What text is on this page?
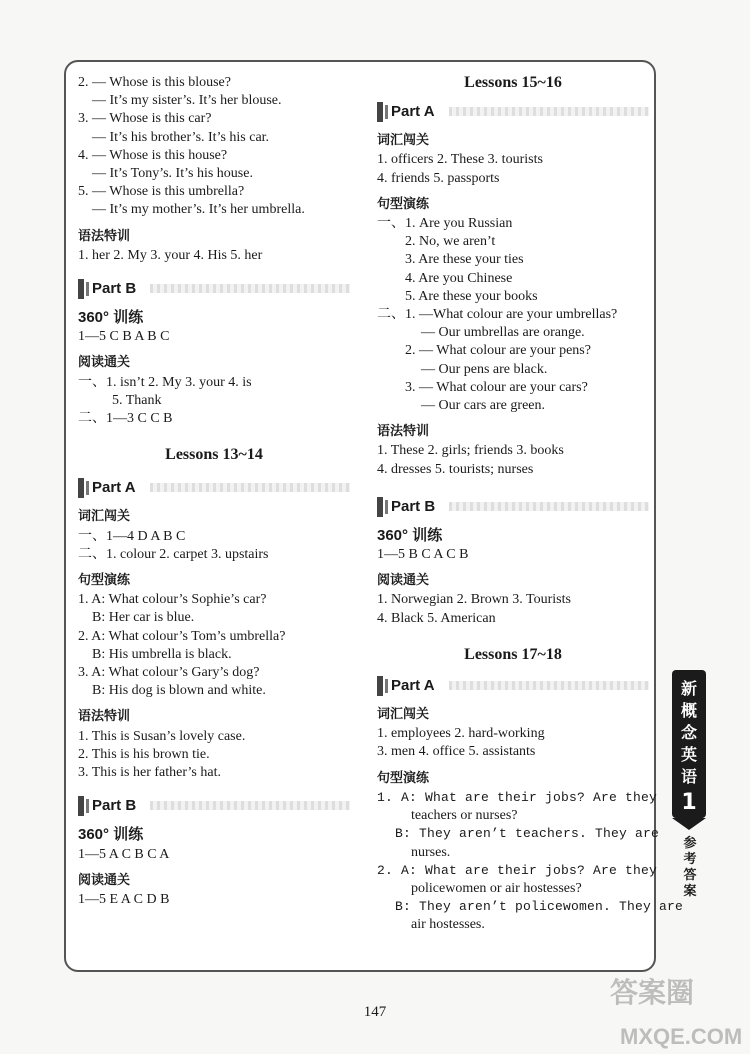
2. — Whose is this blouse?
— It’s my sister’s. It’s her blouse.
3. — Whose is this car?
— It’s his brother’s. It’s his car.
4. — Whose is this house?
— It’s Tony’s. It’s his house.
5. — Whose is this umbrella?
— It’s my mother’s. It’s her umbrella.
语法特训
1. her 2. My 3. your 4. His 5. her
Part B
360° 训练
1—5 C B A B C
阅读通关
一、1. isn’t 2. My 3. your 4. is
5. Thank
二、1—3 C C B
Lessons 13~14
Part A
词汇闯关
一、1—4 D A B C
二、1. colour 2. carpet 3. upstairs
句型演练
1. A: What colour’s Sophie’s car?
B: Her car is blue.
2. A: What colour’s Tom’s umbrella?
B: His umbrella is black.
3. A: What colour’s Gary’s dog?
B: His dog is blown and white.
语法特训
1. This is Susan’s lovely case.
2. This is his brown tie.
3. This is her father’s hat.
Part B
360° 训练
1—5 A C B C A
阅读通关
1—5 E A C D B
Lessons 15~16
Part A
词汇闯关
1. officers 2. These 3. tourists
4. friends 5. passports
句型演练
一、1. Are you Russian
2. No, we aren’t
3. Are these your ties
4. Are you Chinese
5. Are these your books
二、1. —What colour are your umbrellas?
— Our umbrellas are orange.
2. — What colour are your pens?
— Our pens are black.
3. — What colour are your cars?
— Our cars are green.
语法特训
1. These 2. girls; friends 3. books
4. dresses 5. tourists; nurses
Part B
360° 训练
1—5 B C A C B
阅读通关
1. Norwegian 2. Brown 3. Tourists
4. Black 5. American
Lessons 17~18
Part A
词汇闯关
1. employees 2. hard-working
3. men 4. office 5. assistants
句型演练
1. A: What are their jobs? Are they
teachers or nurses?
B: They aren’t teachers. They are
nurses.
2. A: What are their jobs? Are they
policewomen or air hostesses?
B: They aren’t policewomen. They are
air hostesses.
新
概
念
英
语
1
参
考
答
案
147
答案圈
MXQE.COM
